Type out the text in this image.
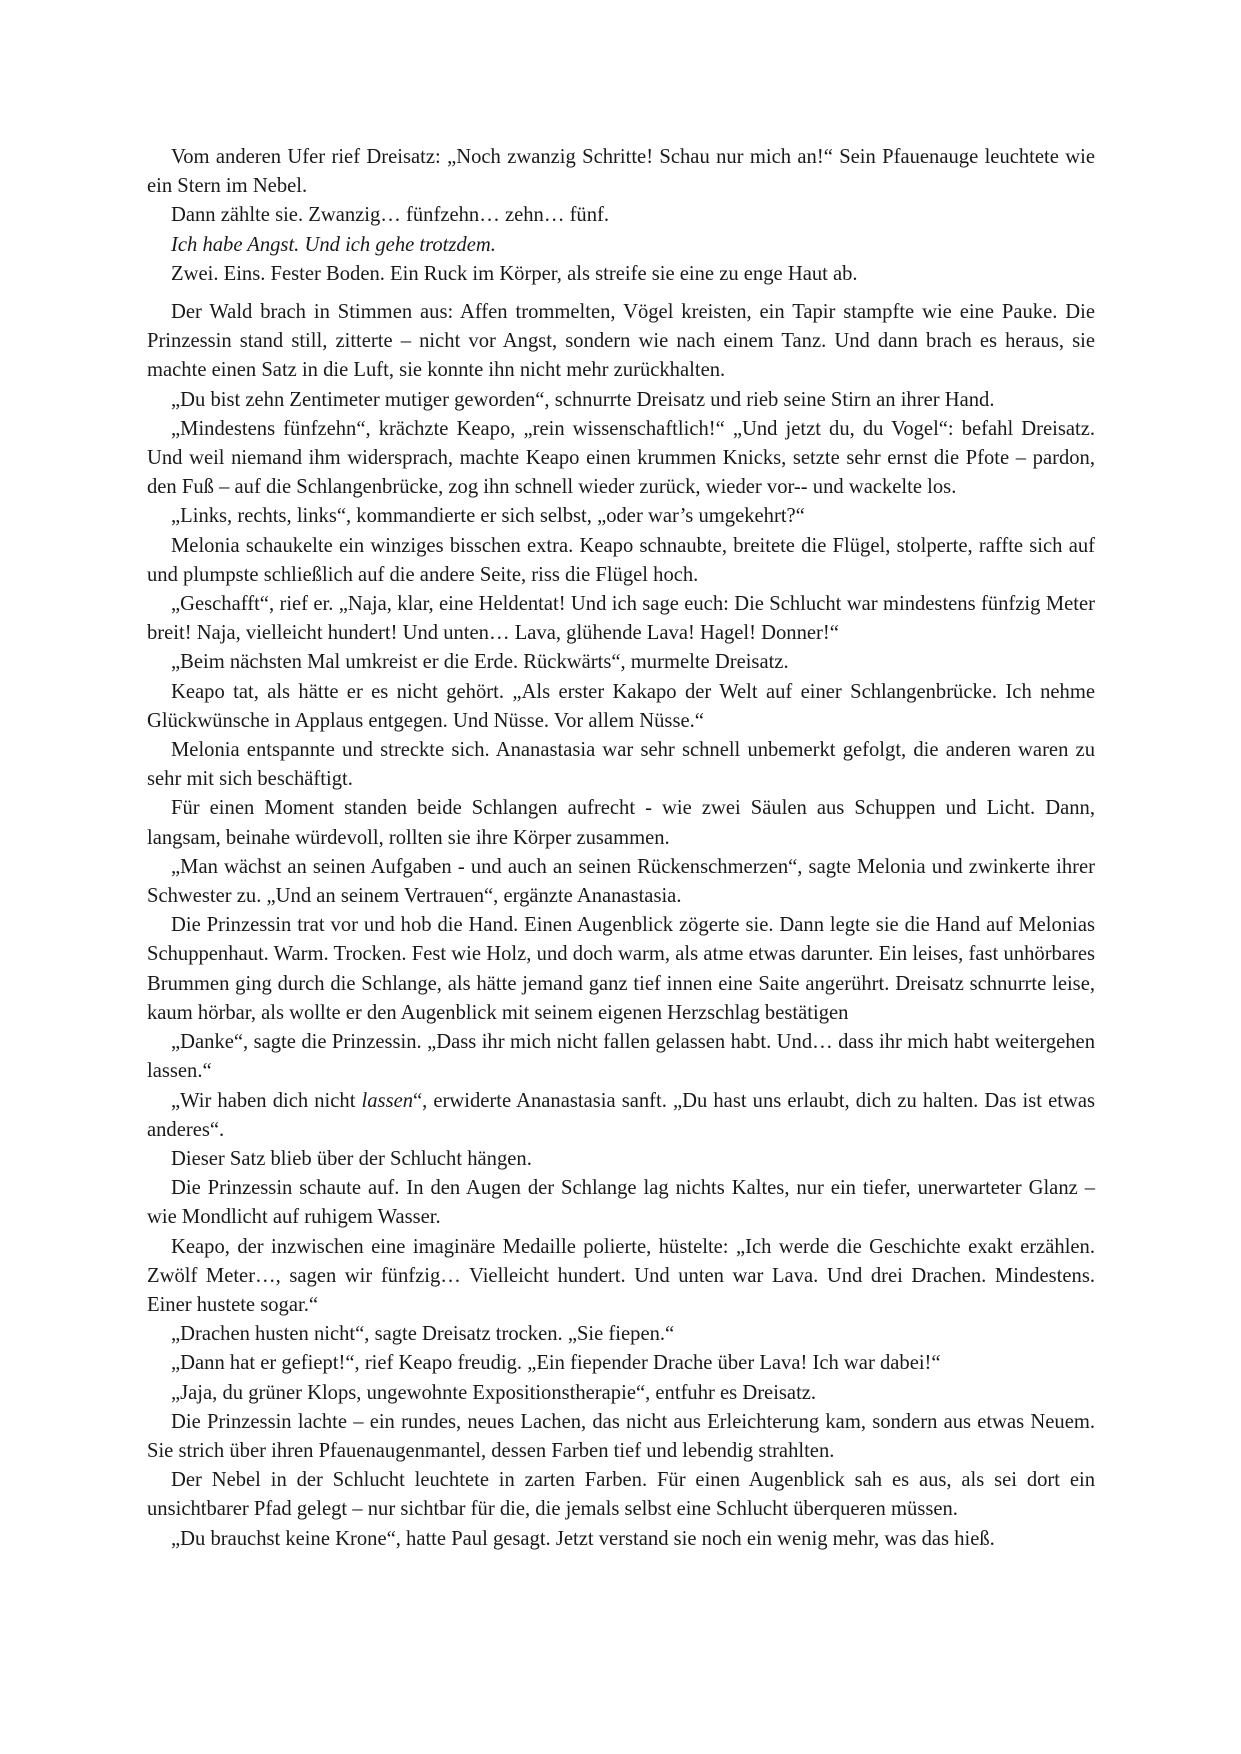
Vom anderen Ufer rief Dreisatz: „Noch zwanzig Schritte! Schau nur mich an!“ Sein Pfauenauge leuchtete wie ein Stern im Nebel.

Dann zählte sie. Zwanzig… fünfzehn… zehn… fünf.

Ich habe Angst. Und ich gehe trotzdem.

Zwei. Eins. Fester Boden. Ein Ruck im Körper, als streife sie eine zu enge Haut ab.

Der Wald brach in Stimmen aus: Affen trommelten, Vögel kreisten, ein Tapir stampfte wie eine Pauke. Die Prinzessin stand still, zitterte – nicht vor Angst, sondern wie nach einem Tanz. Und dann brach es heraus, sie machte einen Satz in die Luft, sie konnte ihn nicht mehr zurückhalten.

„Du bist zehn Zentimeter mutiger geworden“, schnurrte Dreisatz und rieb seine Stirn an ihrer Hand.

„Mindestens fünfzehn“, krächzte Keapo, „rein wissenschaftlich!“ „Und jetzt du, du Vogel“: befahl Dreisatz. Und weil niemand ihm widersprach, machte Keapo einen krummen Knicks, setzte sehr ernst die Pfote – pardon, den Fuß – auf die Schlangenbrücke, zog ihn schnell wieder zurück, wieder vor-- und wackelte los.

„Links, rechts, links“, kommandierte er sich selbst, „oder war’s umgekehrt?“

Melonia schaukelte ein winziges bisschen extra. Keapo schnaubte, breitete die Flügel, stolperte, raffte sich auf und plumpste schließlich auf die andere Seite, riss die Flügel hoch.

„Geschafft“, rief er. „Naja, klar, eine Heldentat! Und ich sage euch: Die Schlucht war mindestens fünfzig Meter breit! Naja, vielleicht hundert! Und unten… Lava, glühende Lava! Hagel! Donner!“

„Beim nächsten Mal umkreist er die Erde. Rückwärts“, murmelte Dreisatz.

Keapo tat, als hätte er es nicht gehört. „Als erster Kakapo der Welt auf einer Schlangenbrücke. Ich nehme Glückwünsche in Applaus entgegen. Und Nüsse. Vor allem Nüsse.“

Melonia entspannte und streckte sich. Ananastasia war sehr schnell unbemerkt gefolgt, die anderen waren zu sehr mit sich beschäftigt.

Für einen Moment standen beide Schlangen aufrecht - wie zwei Säulen aus Schuppen und Licht. Dann, langsam, beinahe würdevoll, rollten sie ihre Körper zusammen.

„Man wächst an seinen Aufgaben - und auch an seinen Rückenschmerzen“, sagte Melonia und zwinkerte ihrer Schwester zu. „Und an seinem Vertrauen“, ergänzte Ananastasia.

Die Prinzessin trat vor und hob die Hand. Einen Augenblick zögerte sie. Dann legte sie die Hand auf Melonias Schuppenhaut. Warm. Trocken. Fest wie Holz, und doch warm, als atme etwas darunter. Ein leises, fast unhörbares Brummen ging durch die Schlange, als hätte jemand ganz tief innen eine Saite angerührt. Dreisatz schnurrte leise, kaum hörbar, als wollte er den Augenblick mit seinem eigenen Herzschlag bestätigen

„Danke“, sagte die Prinzessin. „Dass ihr mich nicht fallen gelassen habt. Und… dass ihr mich habt weitergehen lassen.“

„Wir haben dich nicht lassen“, erwiderte Ananastasia sanft. „Du hast uns erlaubt, dich zu halten. Das ist etwas anderes“.

Dieser Satz blieb über der Schlucht hängen.

Die Prinzessin schaute auf. In den Augen der Schlange lag nichts Kaltes, nur ein tiefer, unerwarteter Glanz – wie Mondlicht auf ruhigem Wasser.

Keapo, der inzwischen eine imaginäre Medaille polierte, hüstelte: „Ich werde die Geschichte exakt erzählen. Zwölf Meter…, sagen wir fünfzig… Vielleicht hundert. Und unten war Lava. Und drei Drachen. Mindestens. Einer hustete sogar.“

„Drachen husten nicht“, sagte Dreisatz trocken. „Sie fiepen.“

„Dann hat er gefiept!“, rief Keapo freudig. „Ein fiepender Drache über Lava! Ich war dabei!“

„Jaja, du grüner Klops, ungewohnte Expositionstherapie“, entfuhr es Dreisatz.

Die Prinzessin lachte – ein rundes, neues Lachen, das nicht aus Erleichterung kam, sondern aus etwas Neuem. Sie strich über ihren Pfauenaugenmantel, dessen Farben tief und lebendig strahlten.

Der Nebel in der Schlucht leuchtete in zarten Farben. Für einen Augenblick sah es aus, als sei dort ein unsichtbarer Pfad gelegt – nur sichtbar für die, die jemals selbst eine Schlucht überqueren müssen.

„Du brauchst keine Krone“, hatte Paul gesagt. Jetzt verstand sie noch ein wenig mehr, was das hieß.
